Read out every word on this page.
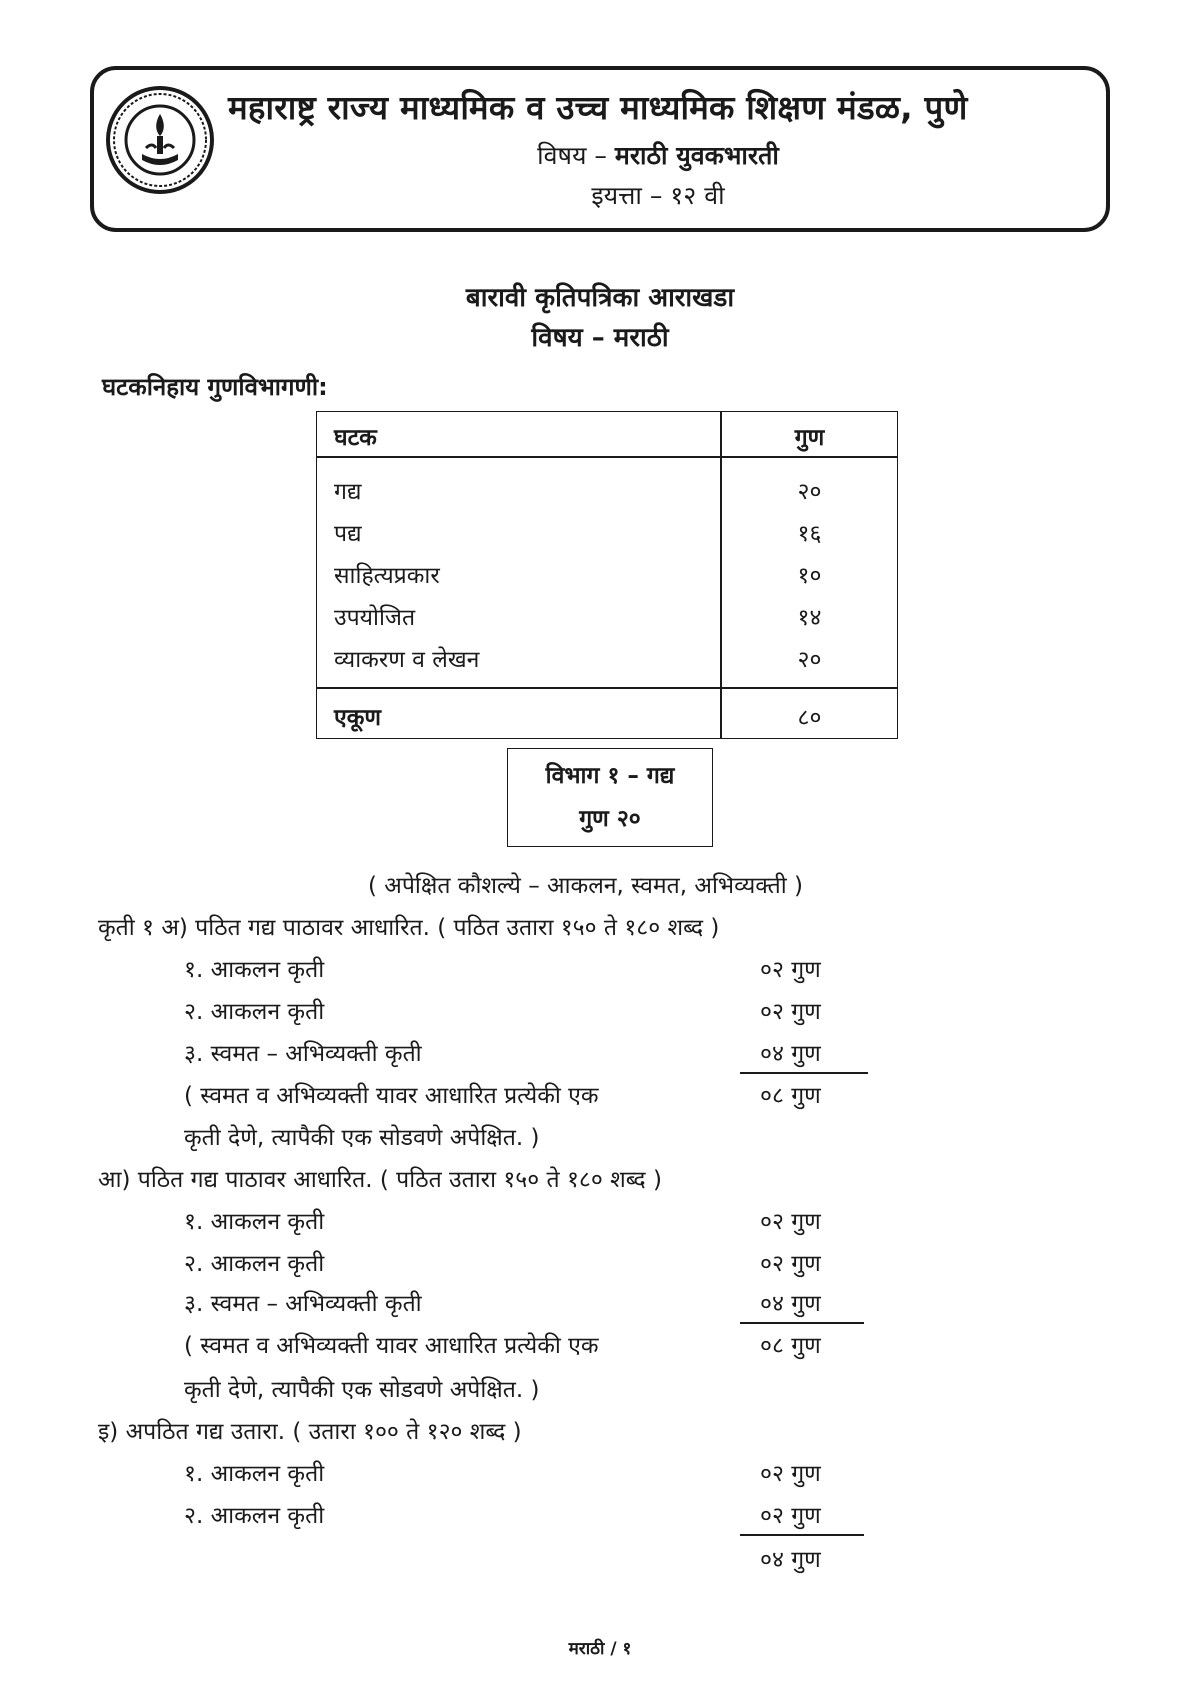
महाराष्ट्र राज्य माध्यमिक व उच्च माध्यमिक शिक्षण मंडळ, पुणे
विषय – मराठी युवकभारती
इयत्ता – १२ वी
बारावी कृतिपत्रिका आराखडा
विषय – मराठी
घटकनिहाय गुणविभागणी:
घटक	गुण
गद्य	२०
पद्य	१६
साहित्यप्रकार	१०
उपयोजित	१४
व्याकरण व लेखन	२०
एकूण	८०
विभाग १ – गद्य
गुण २०
( अपेक्षित कौशल्ये – आकलन, स्वमत, अभिव्यक्ती )
कृती १ अ) पठित गद्य पाठावर आधारित. ( पठित उतारा १५० ते १८० शब्द )
१. आकलन कृती	०२ गुण
२. आकलन कृती	०२ गुण
३. स्वमत – अभिव्यक्ती कृती	०४ गुण
( स्वमत व अभिव्यक्ती यावर आधारित प्रत्येकी एक	०८ गुण
कृती देणे, त्यापैकी एक सोडवणे अपेक्षित. )
आ) पठित गद्य पाठावर आधारित. ( पठित उतारा १५० ते १८० शब्द )
१. आकलन कृती	०२ गुण
२. आकलन कृती	०२ गुण
३. स्वमत – अभिव्यक्ती कृती	०४ गुण
( स्वमत व अभिव्यक्ती यावर आधारित प्रत्येकी एक	०८ गुण
कृती देणे, त्यापैकी एक सोडवणे अपेक्षित. )
इ) अपठित गद्य उतारा. ( उतारा १०० ते १२० शब्द )
१. आकलन कृती	०२ गुण
२. आकलन कृती	०२ गुण
०४ गुण
मराठी / १
